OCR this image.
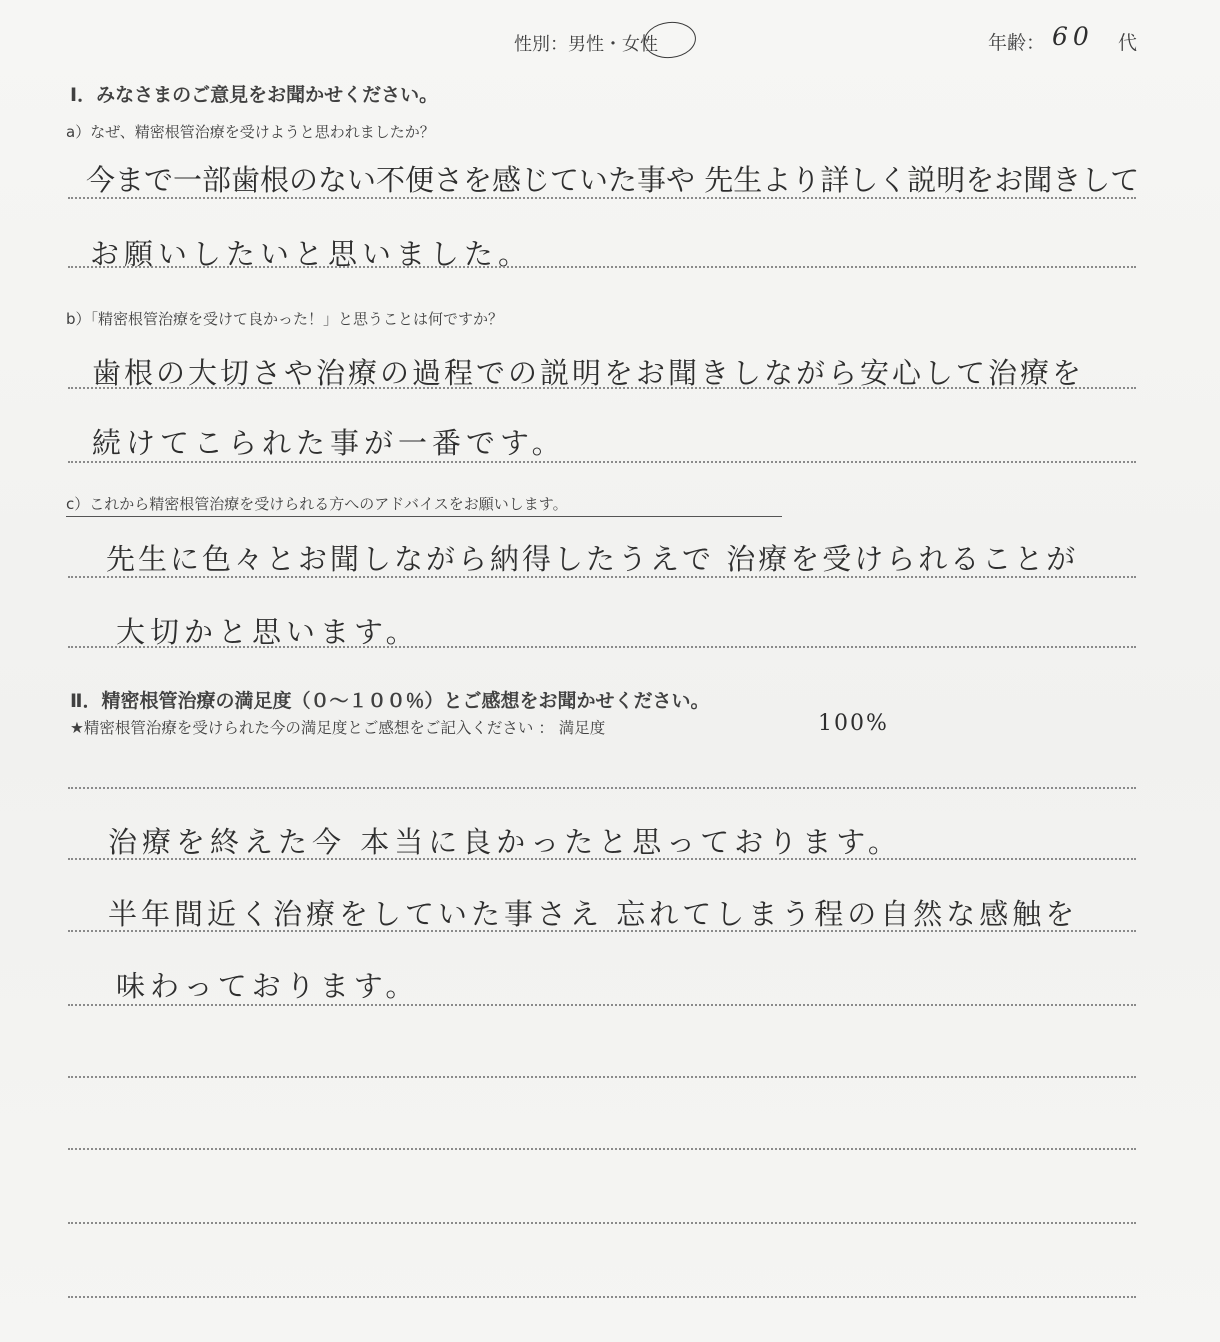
性別：男性・女性	年齢： 60 代
Ⅰ．みなさまのご意見をお聞かせください。
a）なぜ、精密根管治療を受けようと思われましたか？
今まで一部歯根のない不便さを感じていた事や 先生より詳しく説明をお聞きして
お願いしたいと思いました。
b）「精密根管治療を受けて良かった！」と思うことは何ですか？
歯根の大切さや治療の過程での説明をお聞きしながら安心して治療を
続けてこられた事が一番です。
c）これから精密根管治療を受けられる方へのアドバイスをお願いします。
先生に色々とお聞しながら納得したうえで 治療を受けられることが
大切かと思います。
Ⅱ．精密根管治療の満足度（０～１００％）とご感想をお聞かせください。
★精密根管治療を受けられた今の満足度とご感想をご記入ください ： 満足度	100%
治療を終えた今 本当に良かったと思っております。
半年間近く治療をしていた事さえ 忘れてしまう程の自然な感触を
味わっております。
